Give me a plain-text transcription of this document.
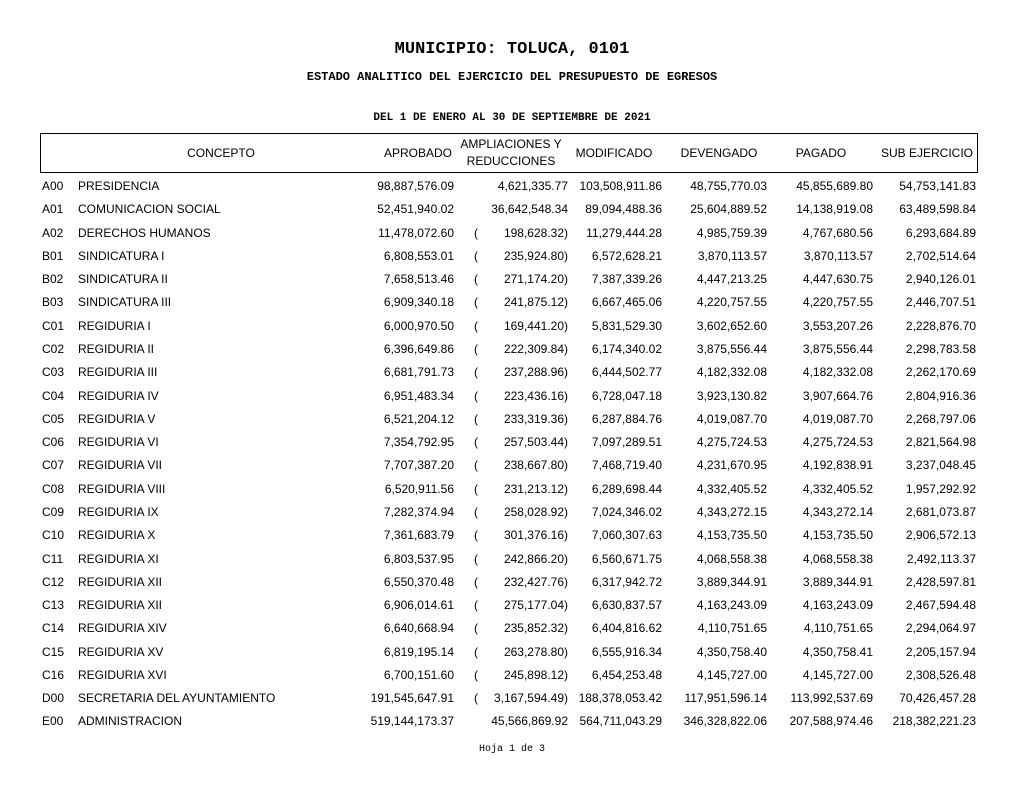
MUNICIPIO: TOLUCA, 0101
ESTADO ANALITICO DEL EJERCICIO DEL PRESUPUESTO DE EGRESOS
DEL 1 DE ENERO AL 30 DE SEPTIEMBRE DE 2021
CONCEPTO	APROBADO
AMPLIACIONES Y
REDUCCIONES
MODIFICADO	DEVENGADO	PAGADO	SUB EJERCICIO
A00 PRESIDENCIA	98,887,576.09	4,621,335.77 103,508,911.86 48,755,770.03 45,855,689.80 54,753,141.83
A01 COMUNICACION SOCIAL	52,451,940.02	36,642,548.34 89,094,488.36 25,604,889.52 14,138,919.08 63,489,598.84
A02 DERECHOS HUMANOS	11,478,072.60 ( 198,628.32) 11,279,444.28	4,985,759.39	4,767,680.56	6,293,684.89
B01 SINDICATURA I	6,808,553.01 ( 235,924.80) 6,572,628.21	3,870,113.57	3,870,113.57	2,702,514.64
B02 SINDICATURA II	7,658,513.46 ( 271,174.20) 7,387,339.26	4,447,213.25	4,447,630.75	2,940,126.01
B03 SINDICATURA III	6,909,340.18 ( 241,875.12) 6,667,465.06	4,220,757.55	4,220,757.55	2,446,707.51
C01 REGIDURIA I	6,000,970.50 ( 169,441.20) 5,831,529.30	3,602,652.60	3,553,207.26	2,228,876.70
C02 REGIDURIA II	6,396,649.86 ( 222,309.84) 6,174,340.02	3,875,556.44	3,875,556.44	2,298,783.58
C03 REGIDURIA III	6,681,791.73 ( 237,288.96) 6,444,502.77	4,182,332.08	4,182,332.08	2,262,170.69
C04 REGIDURIA IV	6,951,483.34 ( 223,436.16) 6,728,047.18	3,923,130.82	3,907,664.76	2,804,916.36
C05 REGIDURIA V	6,521,204.12 ( 233,319.36) 6,287,884.76	4,019,087.70	4,019,087.70	2,268,797.06
C06 REGIDURIA VI	7,354,792.95 ( 257,503.44) 7,097,289.51	4,275,724.53	4,275,724.53	2,821,564.98
C07 REGIDURIA VII	7,707,387.20 ( 238,667.80) 7,468,719.40	4,231,670.95	4,192,838.91	3,237,048.45
C08 REGIDURIA VIII	6,520,911.56 ( 231,213.12) 6,289,698.44	4,332,405.52	4,332,405.52	1,957,292.92
C09 REGIDURIA IX	7,282,374.94 ( 258,028.92) 7,024,346.02	4,343,272.15	4,343,272.14	2,681,073.87
C10 REGIDURIA X	7,361,683.79 ( 301,376.16) 7,060,307.63	4,153,735.50	4,153,735.50	2,906,572.13
C11 REGIDURIA XI	6,803,537.95 ( 242,866.20) 6,560,671.75	4,068,558.38	4,068,558.38	2,492,113.37
C12 REGIDURIA XII	6,550,370.48 ( 232,427.76) 6,317,942.72	3,889,344.91	3,889,344.91	2,428,597.81
C13 REGIDURIA XII	6,906,014.61 ( 275,177.04) 6,630,837.57	4,163,243.09	4,163,243.09	2,467,594.48
C14 REGIDURIA XIV	6,640,668.94 ( 235,852.32) 6,404,816.62	4,110,751.65	4,110,751.65	2,294,064.97
C15 REGIDURIA XV	6,819,195.14 ( 263,278.80) 6,555,916.34	4,350,758.40	4,350,758.41	2,205,157.94
C16 REGIDURIA XVI	6,700,151.60 ( 245,898.12) 6,454,253.48	4,145,727.00	4,145,727.00	2,308,526.48
D00 SECRETARIA DEL AYUNTAMIENTO	191,545,647.91 ( 3,167,594.49) 188,378,053.42 117,951,596.14 113,992,537.69 70,426,457.28
E00 ADMINISTRACION	519,144,173.37	45,566,869.92 564,711,043.29 346,328,822.06 207,588,974.46 218,382,221.23
Hoja 1 de 3
